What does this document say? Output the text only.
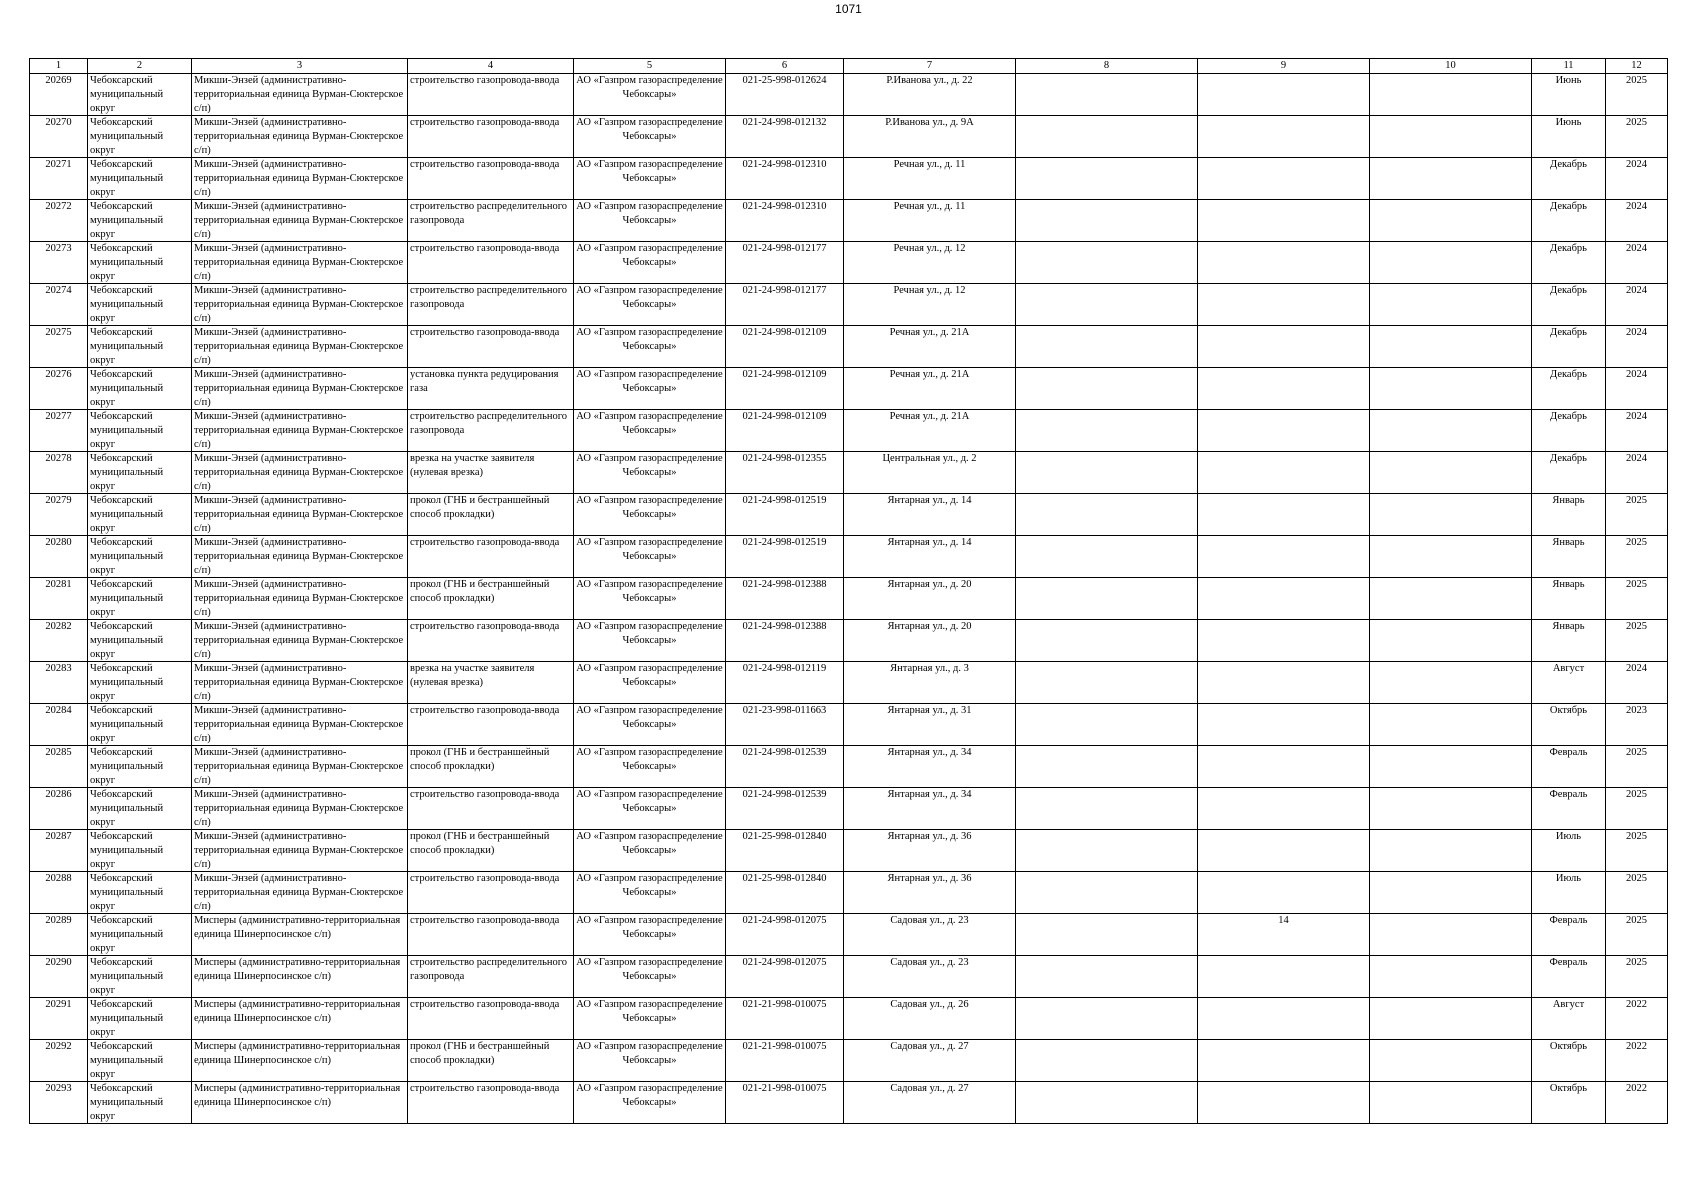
1071
1	2	3	4	5	6	7	8	9	10	11	12

20269	Чебоксарский муниципальный округ	Микши-Энзей (административно-территориальная единица Вурман-Сюктерское с/п)	строительство газопровода-ввода	АО «Газпром газораспределение Чебоксары»	021-25-998-012624	Р.Иванова ул., д. 22				Июнь	2025

20270	Чебоксарский муниципальный округ	Микши-Энзей (административно-территориальная единица Вурман-Сюктерское с/п)	строительство газопровода-ввода	АО «Газпром газораспределение Чебоксары»	021-24-998-012132	Р.Иванова ул., д. 9А				Июнь	2025

20271	Чебоксарский муниципальный округ	Микши-Энзей (административно-территориальная единица Вурман-Сюктерское с/п)	строительство газопровода-ввода	АО «Газпром газораспределение Чебоксары»	021-24-998-012310	Речная ул., д. 11				Декабрь	2024

20272	Чебоксарский муниципальный округ	Микши-Энзей (административно-территориальная единица Вурман-Сюктерское с/п)	строительство распределительного газопровода	АО «Газпром газораспределение Чебоксары»	021-24-998-012310	Речная ул., д. 11				Декабрь	2024

20273	Чебоксарский муниципальный округ	Микши-Энзей (административно-территориальная единица Вурман-Сюктерское с/п)	строительство газопровода-ввода	АО «Газпром газораспределение Чебоксары»	021-24-998-012177	Речная ул., д. 12				Декабрь	2024

20274	Чебоксарский муниципальный округ	Микши-Энзей (административно-территориальная единица Вурман-Сюктерское с/п)	строительство распределительного газопровода	АО «Газпром газораспределение Чебоксары»	021-24-998-012177	Речная ул., д. 12				Декабрь	2024

20275	Чебоксарский муниципальный округ	Микши-Энзей (административно-территориальная единица Вурман-Сюктерское с/п)	строительство газопровода-ввода	АО «Газпром газораспределение Чебоксары»	021-24-998-012109	Речная ул., д. 21А				Декабрь	2024

20276	Чебоксарский муниципальный округ	Микши-Энзей (административно-территориальная единица Вурман-Сюктерское с/п)	установка пункта редуцирования газа	АО «Газпром газораспределение Чебоксары»	021-24-998-012109	Речная ул., д. 21А				Декабрь	2024

20277	Чебоксарский муниципальный округ	Микши-Энзей (административно-территориальная единица Вурман-Сюктерское с/п)	строительство распределительного газопровода	АО «Газпром газораспределение Чебоксары»	021-24-998-012109	Речная ул., д. 21А				Декабрь	2024

20278	Чебоксарский муниципальный округ	Микши-Энзей (административно-территориальная единица Вурман-Сюктерское с/п)	врезка на участке заявителя (нулевая врезка)	АО «Газпром газораспределение Чебоксары»	021-24-998-012355	Центральная ул., д. 2				Декабрь	2024

20279	Чебоксарский муниципальный округ	Микши-Энзей (административно-территориальная единица Вурман-Сюктерское с/п)	прокол (ГНБ и бестраншейный способ прокладки)	АО «Газпром газораспределение Чебоксары»	021-24-998-012519	Янтарная ул., д. 14				Январь	2025

20280	Чебоксарский муниципальный округ	Микши-Энзей (административно-территориальная единица Вурман-Сюктерское с/п)	строительство газопровода-ввода	АО «Газпром газораспределение Чебоксары»	021-24-998-012519	Янтарная ул., д. 14				Январь	2025

20281	Чебоксарский муниципальный округ	Микши-Энзей (административно-территориальная единица Вурман-Сюктерское с/п)	прокол (ГНБ и бестраншейный способ прокладки)	АО «Газпром газораспределение Чебоксары»	021-24-998-012388	Янтарная ул., д. 20				Январь	2025

20282	Чебоксарский муниципальный округ	Микши-Энзей (административно-территориальная единица Вурман-Сюктерское с/п)	строительство газопровода-ввода	АО «Газпром газораспределение Чебоксары»	021-24-998-012388	Янтарная ул., д. 20				Январь	2025

20283	Чебоксарский муниципальный округ	Микши-Энзей (административно-территориальная единица Вурман-Сюктерское с/п)	врезка на участке заявителя (нулевая врезка)	АО «Газпром газораспределение Чебоксары»	021-24-998-012119	Янтарная ул., д. 3				Август	2024

20284	Чебоксарский муниципальный округ	Микши-Энзей (административно-территориальная единица Вурман-Сюктерское с/п)	строительство газопровода-ввода	АО «Газпром газораспределение Чебоксары»	021-23-998-011663	Янтарная ул., д. 31				Октябрь	2023

20285	Чебоксарский муниципальный округ	Микши-Энзей (административно-территориальная единица Вурман-Сюктерское с/п)	прокол (ГНБ и бестраншейный способ прокладки)	АО «Газпром газораспределение Чебоксары»	021-24-998-012539	Янтарная ул., д. 34				Февраль	2025

20286	Чебоксарский муниципальный округ	Микши-Энзей (административно-территориальная единица Вурман-Сюктерское с/п)	строительство газопровода-ввода	АО «Газпром газораспределение Чебоксары»	021-24-998-012539	Янтарная ул., д. 34				Февраль	2025

20287	Чебоксарский муниципальный округ	Микши-Энзей (административно-территориальная единица Вурман-Сюктерское с/п)	прокол (ГНБ и бестраншейный способ прокладки)	АО «Газпром газораспределение Чебоксары»	021-25-998-012840	Янтарная ул., д. 36				Июль	2025

20288	Чебоксарский муниципальный округ	Микши-Энзей (административно-территориальная единица Вурман-Сюктерское с/п)	строительство газопровода-ввода	АО «Газпром газораспределение Чебоксары»	021-25-998-012840	Янтарная ул., д. 36				Июль	2025

20289	Чебоксарский муниципальный округ	Мисперы (административно-территориальная единица Шинерпосинское с/п)	строительство газопровода-ввода	АО «Газпром газораспределение Чебоксары»	021-24-998-012075	Садовая ул., д. 23		14		Февраль	2025

20290	Чебоксарский муниципальный округ	Мисперы (административно-территориальная единица Шинерпосинское с/п)	строительство распределительного газопровода	АО «Газпром газораспределение Чебоксары»	021-24-998-012075	Садовая ул., д. 23				Февраль	2025

20291	Чебоксарский муниципальный округ	Мисперы (административно-территориальная единица Шинерпосинское с/п)	строительство газопровода-ввода	АО «Газпром газораспределение Чебоксары»	021-21-998-010075	Садовая ул., д. 26				Август	2022

20292	Чебоксарский муниципальный округ	Мисперы (административно-территориальная единица Шинерпосинское с/п)	прокол (ГНБ и бестраншейный способ прокладки)	АО «Газпром газораспределение Чебоксары»	021-21-998-010075	Садовая ул., д. 27				Октябрь	2022

20293	Чебоксарский муниципальный округ	Мисперы (административно-территориальная единица Шинерпосинское с/п)	строительство газопровода-ввода	АО «Газпром газораспределение Чебоксары»	021-21-998-010075	Садовая ул., д. 27				Октябрь	2022
